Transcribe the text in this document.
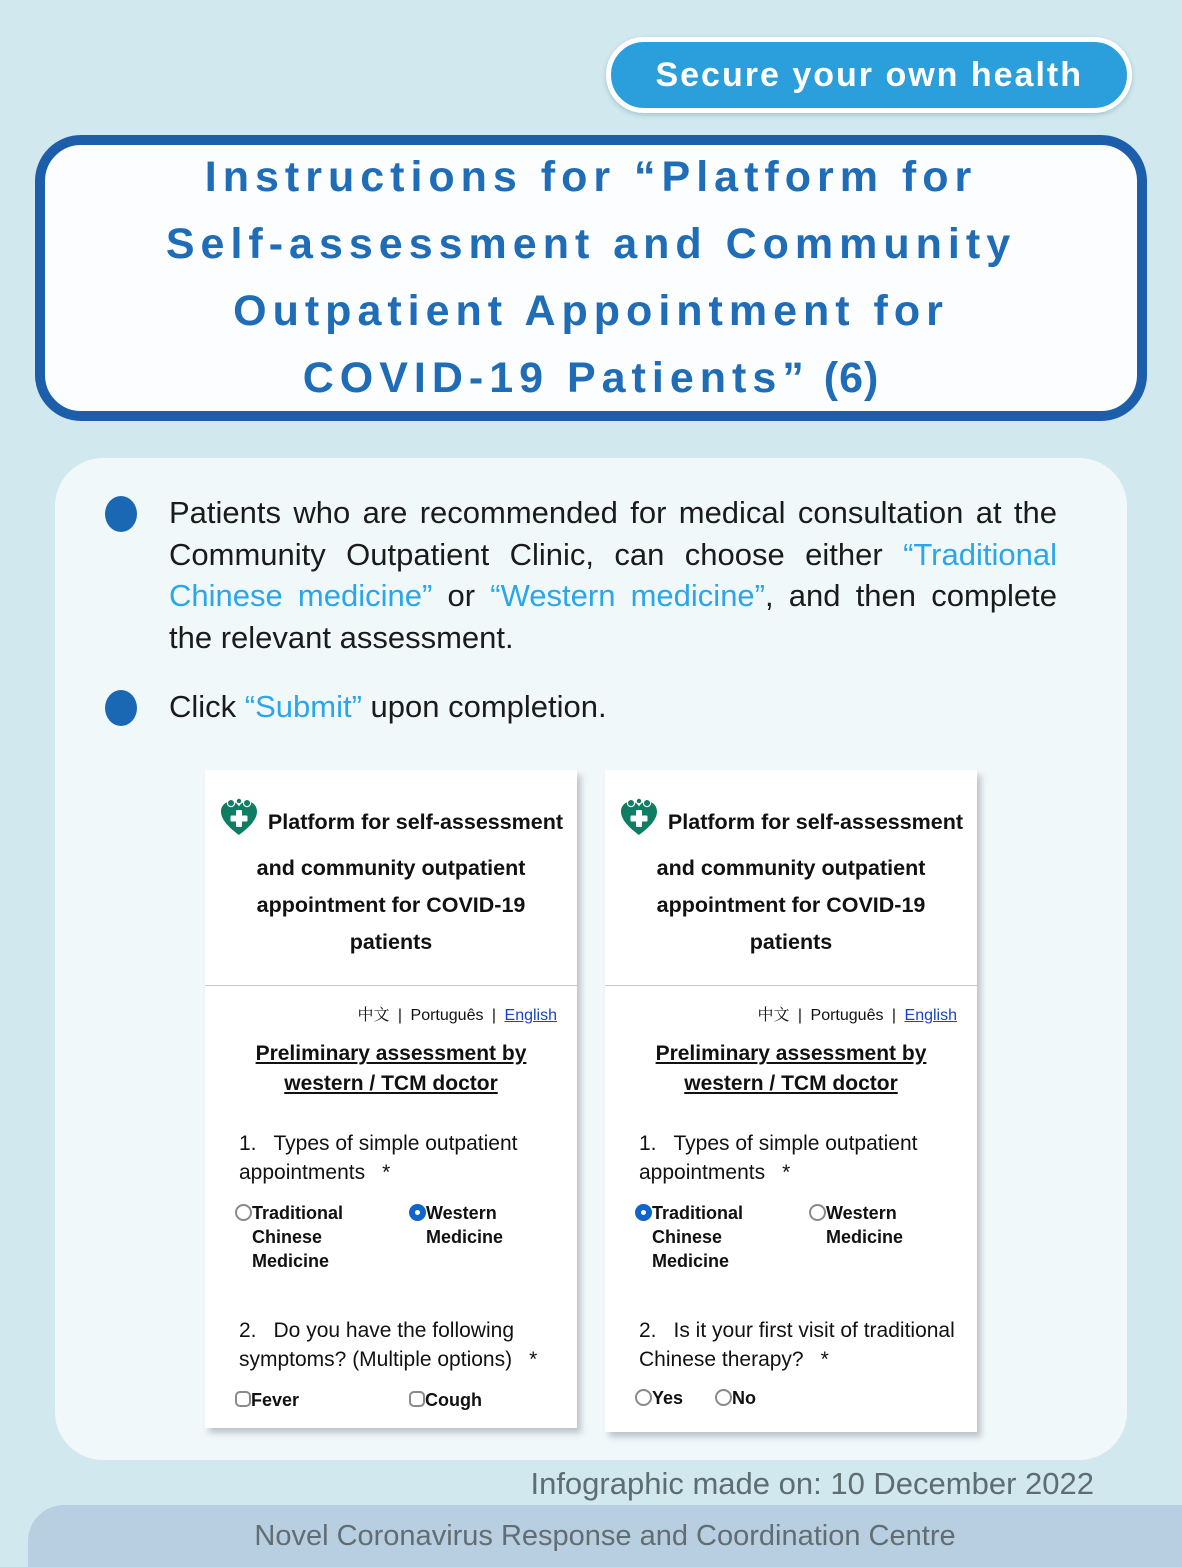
Secure your own health
Instructions for “Platform for
Self-assessment and Community
Outpatient Appointment for
COVID-19 Patients” (6)

Patients who are recommended for medical consultation at the Community Outpatient Clinic, can choose either “Traditional Chinese medicine” or “Western medicine”, and then complete the relevant assessment.

Click “Submit” upon completion.

Platform for self-assessment and community outpatient appointment for COVID-19 patients
中文 | Português | English
Preliminary assessment by western / TCM doctor
1. Types of simple outpatient appointments *
Traditional Chinese Medicine
Western Medicine
2. Do you have the following symptoms? (Multiple options) *
Fever	Cough
Platform for self-assessment and community outpatient appointment for COVID-19 patients
中文 | Português | English
Preliminary assessment by western / TCM doctor
1. Types of simple outpatient appointments *
Traditional Chinese Medicine
Western Medicine
2. Is it your first visit of traditional Chinese therapy? *
Yes	No
Infographic made on: 10 December 2022
Novel Coronavirus Response and Coordination Centre
